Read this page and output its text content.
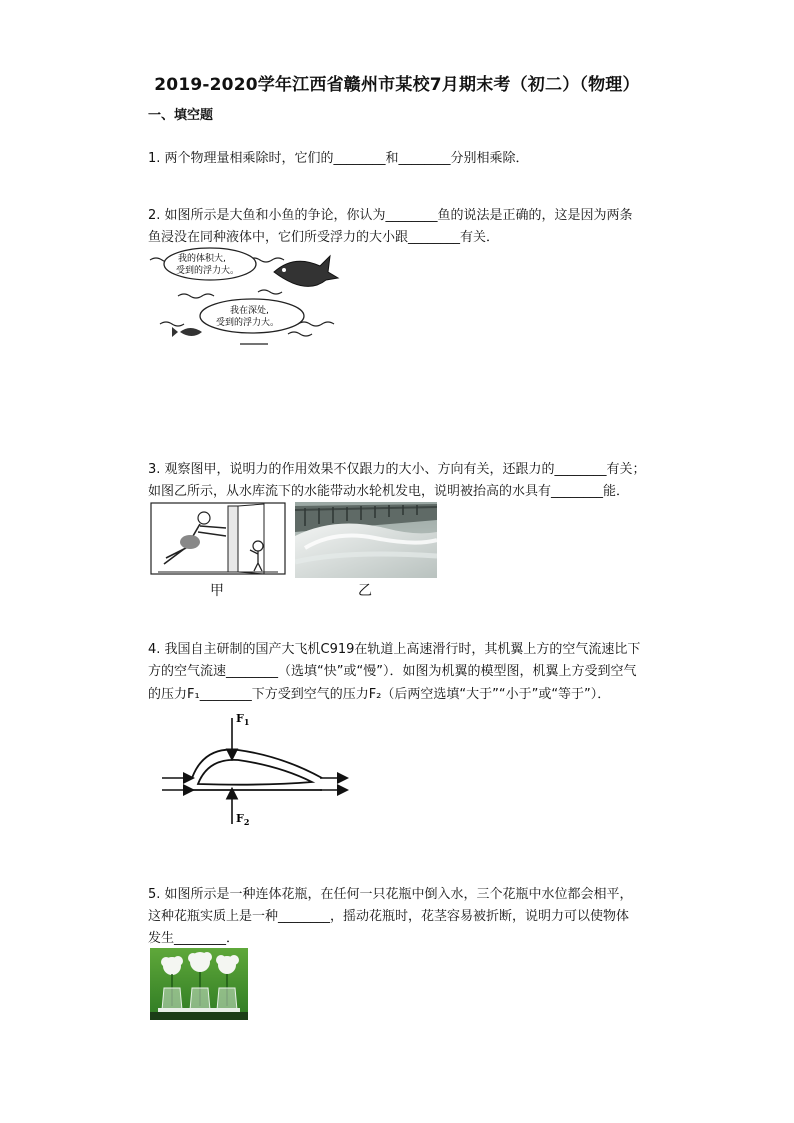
2019-2020学年江西省赣州市某校7月期末考（初二）（物理）
一、填空题
1. 两个物理量相乘除时，它们的________和________分别相乘除．
2. 如图所示是大鱼和小鱼的争论，你认为________鱼的说法是正确的，这是因为两条
鱼浸没在同种液体中，它们所受浮力的大小跟________有关．
我的体积大,
受到的浮力大。
我在深处,
受到的浮力大。
3. 观察图甲，说明力的作用效果不仅跟力的大小、方向有关，还跟力的________有关；
如图乙所示，从水库流下的水能带动水轮机发电，说明被抬高的水具有________能．
甲	乙
4. 我国自主研制的国产大飞机C919在轨道上高速滑行时，其机翼上方的空气流速比下
方的空气流速________（选填“快”或“慢”）．如图为机翼的模型图，机翼上方受到空气
的压力F₁________下方受到空气的压力F₂（后两空选填“大于”“小于”或“等于”）．
$F_1$
$F_2$
5. 如图所示是一种连体花瓶，在任何一只花瓶中倒入水，三个花瓶中水位都会相平，
这种花瓶实质上是一种________，摇动花瓶时，花茎容易被折断，说明力可以使物体
发生________．
